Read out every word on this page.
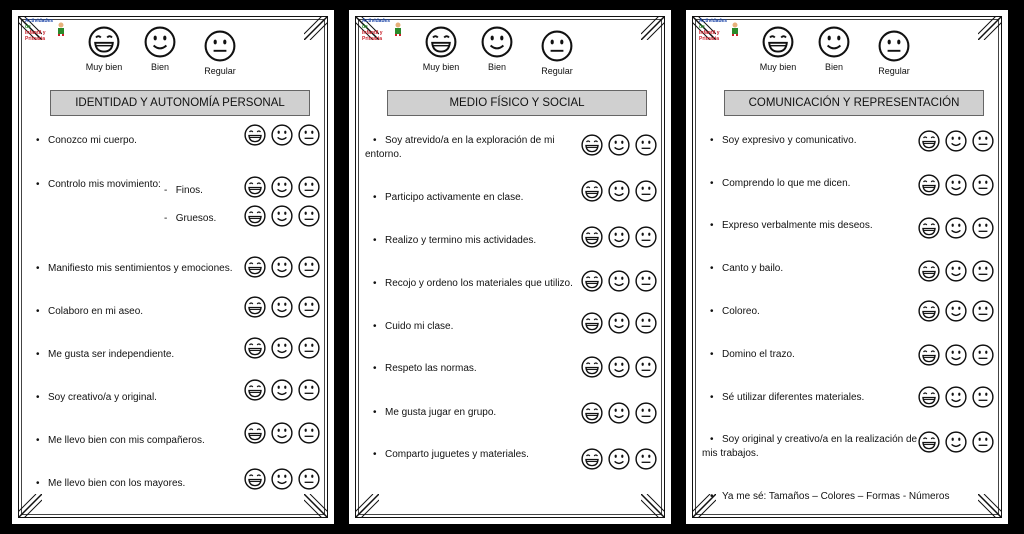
Actividades
de
Infantil y Primaria
Muy bien	Bien	Regular
IDENTIDAD Y AUTONOMÍA PERSONAL
• Conozco mi cuerpo.
• Controlo mis movimiento:
- Finos.
- Gruesos.
• Manifiesto mis sentimientos y emociones.
• Colaboro en mi aseo.
• Me gusta ser independiente.
• Soy creativo/a y original.
• Me llevo bien con mis compañeros.
• Me llevo bien con los mayores.
Actividades
de
Infantil y Primaria
Muy bien	Bien	Regular
MEDIO FÍSICO Y SOCIAL
• Soy atrevido/a en la exploración de mi
entorno.
• Participo activamente en clase.
• Realizo y termino mis actividades.
• Recojo y ordeno los materiales que utilizo.
• Cuido mi clase.
• Respeto las normas.
• Me gusta jugar en grupo.
• Comparto juguetes y materiales.
Actividades
de
Infantil y Primaria
Muy bien	Bien	Regular
COMUNICACIÓN Y REPRESENTACIÓN
• Soy expresivo y comunicativo.
• Comprendo lo que me dicen.
• Expreso verbalmente mis deseos.
• Canto y bailo.
• Coloreo.
• Domino el trazo.
• Sé utilizar diferentes materiales.
• Soy original y creativo/a en la realización de
mis trabajos.
• Ya me sé: Tamaños – Colores – Formas - Números
